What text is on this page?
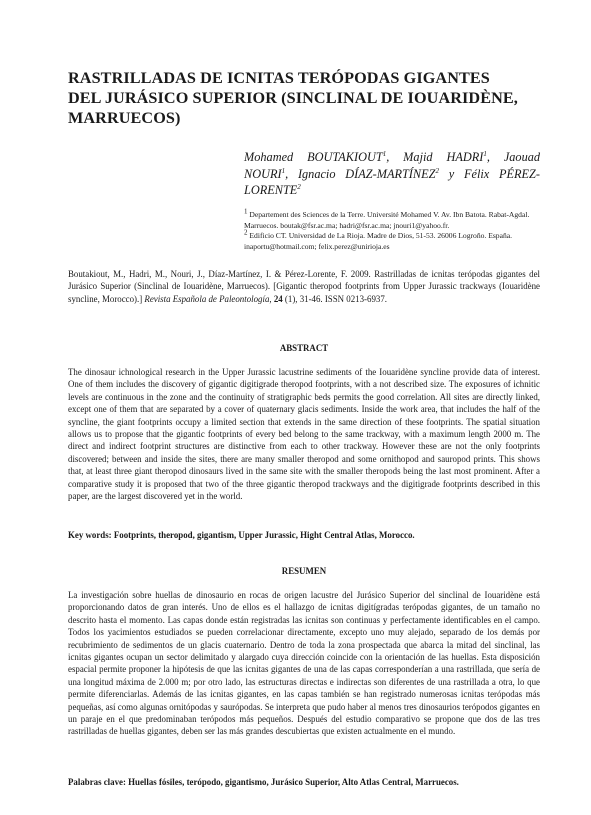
RASTRILLADAS DE ICNITAS TERÓPODAS GIGANTES
DEL JURÁSICO SUPERIOR (SINCLINAL DE IOUARIDÈNE,
MARRUECOS)
Mohamed BOUTAKIOUT$^1$, Majid HADRI$^1$, Jaouad NOURI$^1$, Ignacio DÍAZ-MARTÍNEZ$^2$ y Félix PÉREZ-LORENTE$^2$

$^1$ Departement des Sciences de la Terre. Université Mohamed V. Av. Ibn Batota. Rabat-Agdal. Marruecos. boutak@fsr.ac.ma; hadri@fsr.ac.ma; jnouri1@yahoo.fr.

$^2$ Edificio CT. Universidad de La Rioja. Madre de Dios, 51-53. 26006 Logroño. España. inaportu@hotmail.com; felix.perez@unirioja.es

Boutakiout, M., Hadri, M., Nouri, J., Díaz-Martínez, I. & Pérez-Lorente, F. 2009. Rastrilladas de icnitas terópodas gigantes del Jurásico Superior (Sinclinal de Iouaridène, Marruecos). [Gigantic theropod footprints from Upper Jurassic trackways (Iouaridène syncline, Morocco).] Revista Española de Paleontología, 24 (1), 31-46. ISSN 0213-6937.
ABSTRACT
The dinosaur ichnological research in the Upper Jurassic lacustrine sediments of the Iouaridène syncline provide data of interest. One of them includes the discovery of gigantic digitigrade theropod footprints, with a not described size. The exposures of ichnitic levels are continuous in the zone and the continuity of stratigraphic beds permits the good correlation. All sites are directly linked, except one of them that are separated by a cover of quaternary glacis sediments. Inside the work area, that includes the half of the syncline, the giant footprints occupy a limited section that extends in the same direction of these footprints. The spatial situation allows us to propose that the gigantic footprints of every bed belong to the same trackway, with a maximum length 2000 m. The direct and indirect footprint structures are distinctive from each to other trackway. However these are not the only footprints discovered; between and inside the sites, there are many smaller theropod and some ornithopod and sauropod prints. This shows that, at least three giant theropod dinosaurs lived in the same site with the smaller theropods being the last most prominent. After a comparative study it is proposed that two of the three gigantic theropod trackways and the digitigrade footprints described in this paper, are the largest discovered yet in the world.
Key words: Footprints, theropod, gigantism, Upper Jurassic, Hight Central Atlas, Morocco.
RESUMEN
La investigación sobre huellas de dinosaurio en rocas de origen lacustre del Jurásico Superior del sinclinal de Iouaridène está proporcionando datos de gran interés. Uno de ellos es el hallazgo de icnitas digitígradas terópodas gigantes, de un tamaño no descrito hasta el momento. Las capas donde están registradas las icnitas son continuas y perfectamente identificables en el campo. Todos los yacimientos estudiados se pueden correlacionar directamente, excepto uno muy alejado, separado de los demás por recubrimiento de sedimentos de un glacis cuaternario. Dentro de toda la zona prospectada que abarca la mitad del sinclinal, las icnitas gigantes ocupan un sector delimitado y alargado cuya dirección coincide con la orientación de las huellas. Esta disposición espacial permite proponer la hipótesis de que las icnitas gigantes de una de las capas corresponderían a una rastrillada, que sería de una longitud máxima de 2.000 m; por otro lado, las estructuras directas e indirectas son diferentes de una rastrillada a otra, lo que permite diferenciarlas. Además de las icnitas gigantes, en las capas también se han registrado numerosas icnitas terópodas más pequeñas, así como algunas ornitópodas y saurópodas. Se interpreta que pudo haber al menos tres dinosaurios terópodos gigantes en un paraje en el que predominaban terópodos más pequeños. Después del estudio comparativo se propone que dos de las tres rastrilladas de huellas gigantes, deben ser las más grandes descubiertas que existen actualmente en el mundo.
Palabras clave: Huellas fósiles, terópodo, gigantismo, Jurásico Superior, Alto Atlas Central, Marruecos.
